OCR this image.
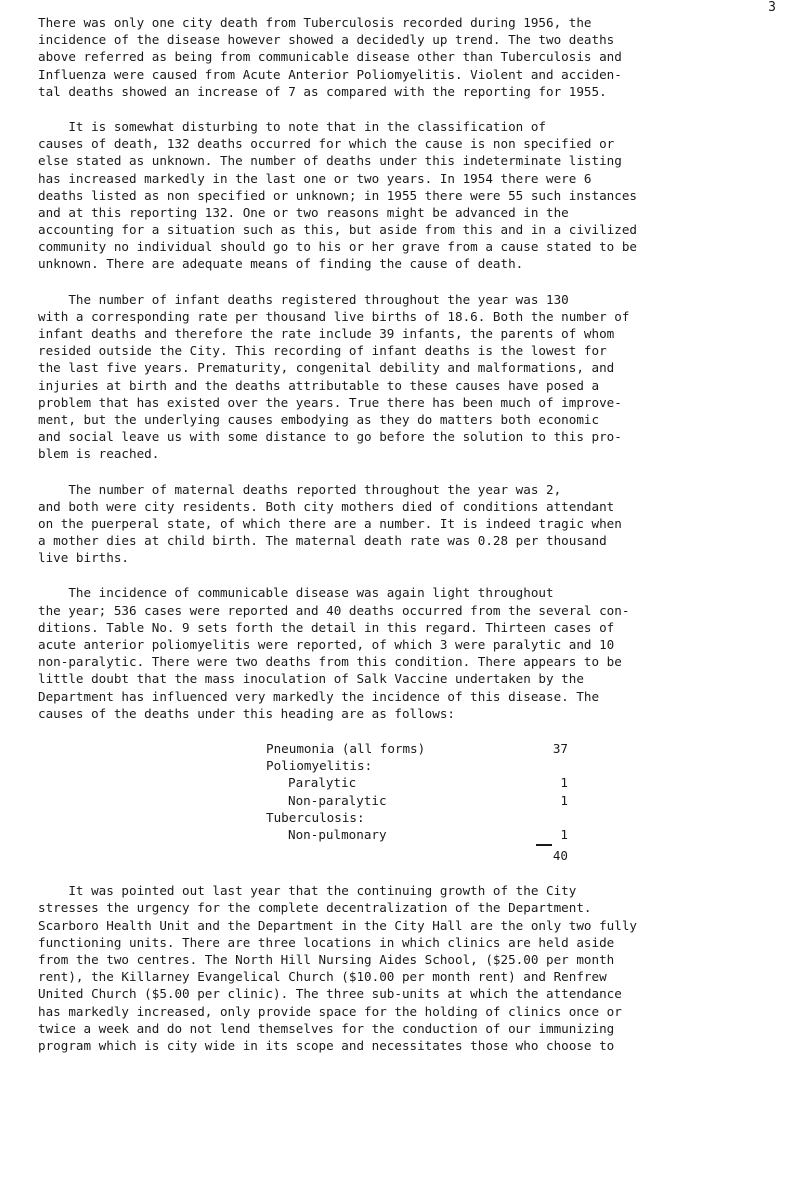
3
There was only one city death from Tuberculosis recorded during 1956, the
incidence of the disease however showed a decidedly up trend. The two deaths
above referred as being from communicable disease other than Tuberculosis and
Influenza were caused from Acute Anterior Poliomyelitis. Violent and acciden-
tal deaths showed an increase of 7 as compared with the reporting for 1955.
It is somewhat disturbing to note that in the classification of
causes of death, 132 deaths occurred for which the cause is non specified or
else stated as unknown. The number of deaths under this indeterminate listing
has increased markedly in the last one or two years. In 1954 there were 6
deaths listed as non specified or unknown; in 1955 there were 55 such instances
and at this reporting 132. One or two reasons might be advanced in the
accounting for a situation such as this, but aside from this and in a civilized
community no individual should go to his or her grave from a cause stated to be
unknown. There are adequate means of finding the cause of death.
The number of infant deaths registered throughout the year was 130
with a corresponding rate per thousand live births of 18.6. Both the number of
infant deaths and therefore the rate include 39 infants, the parents of whom
resided outside the City. This recording of infant deaths is the lowest for
the last five years. Prematurity, congenital debility and malformations, and
injuries at birth and the deaths attributable to these causes have posed a
problem that has existed over the years. True there has been much of improve-
ment, but the underlying causes embodying as they do matters both economic
and social leave us with some distance to go before the solution to this pro-
blem is reached.
The number of maternal deaths reported throughout the year was 2,
and both were city residents. Both city mothers died of conditions attendant
on the puerperal state, of which there are a number. It is indeed tragic when
a mother dies at child birth. The maternal death rate was 0.28 per thousand
live births.
The incidence of communicable disease was again light throughout
the year; 536 cases were reported and 40 deaths occurred from the several con-
ditions. Table No. 9 sets forth the detail in this regard. Thirteen cases of
acute anterior poliomyelitis were reported, of which 3 were paralytic and 10
non-paralytic. There were two deaths from this condition. There appears to be
little doubt that the mass inoculation of Salk Vaccine undertaken by the
Department has influenced very markedly the incidence of this disease. The
causes of the deaths under this heading are as follows:
Pneumonia (all forms)	37
Poliomyelitis:
Paralytic	1
Non-paralytic	1
Tuberculosis:
Non-pulmonary	1
40
It was pointed out last year that the continuing growth of the City
stresses the urgency for the complete decentralization of the Department.
Scarboro Health Unit and the Department in the City Hall are the only two fully
functioning units. There are three locations in which clinics are held aside
from the two centres. The North Hill Nursing Aides School, ($25.00 per month
rent), the Killarney Evangelical Church ($10.00 per month rent) and Renfrew
United Church ($5.00 per clinic). The three sub-units at which the attendance
has markedly increased, only provide space for the holding of clinics once or
twice a week and do not lend themselves for the conduction of our immunizing
program which is city wide in its scope and necessitates those who choose to
